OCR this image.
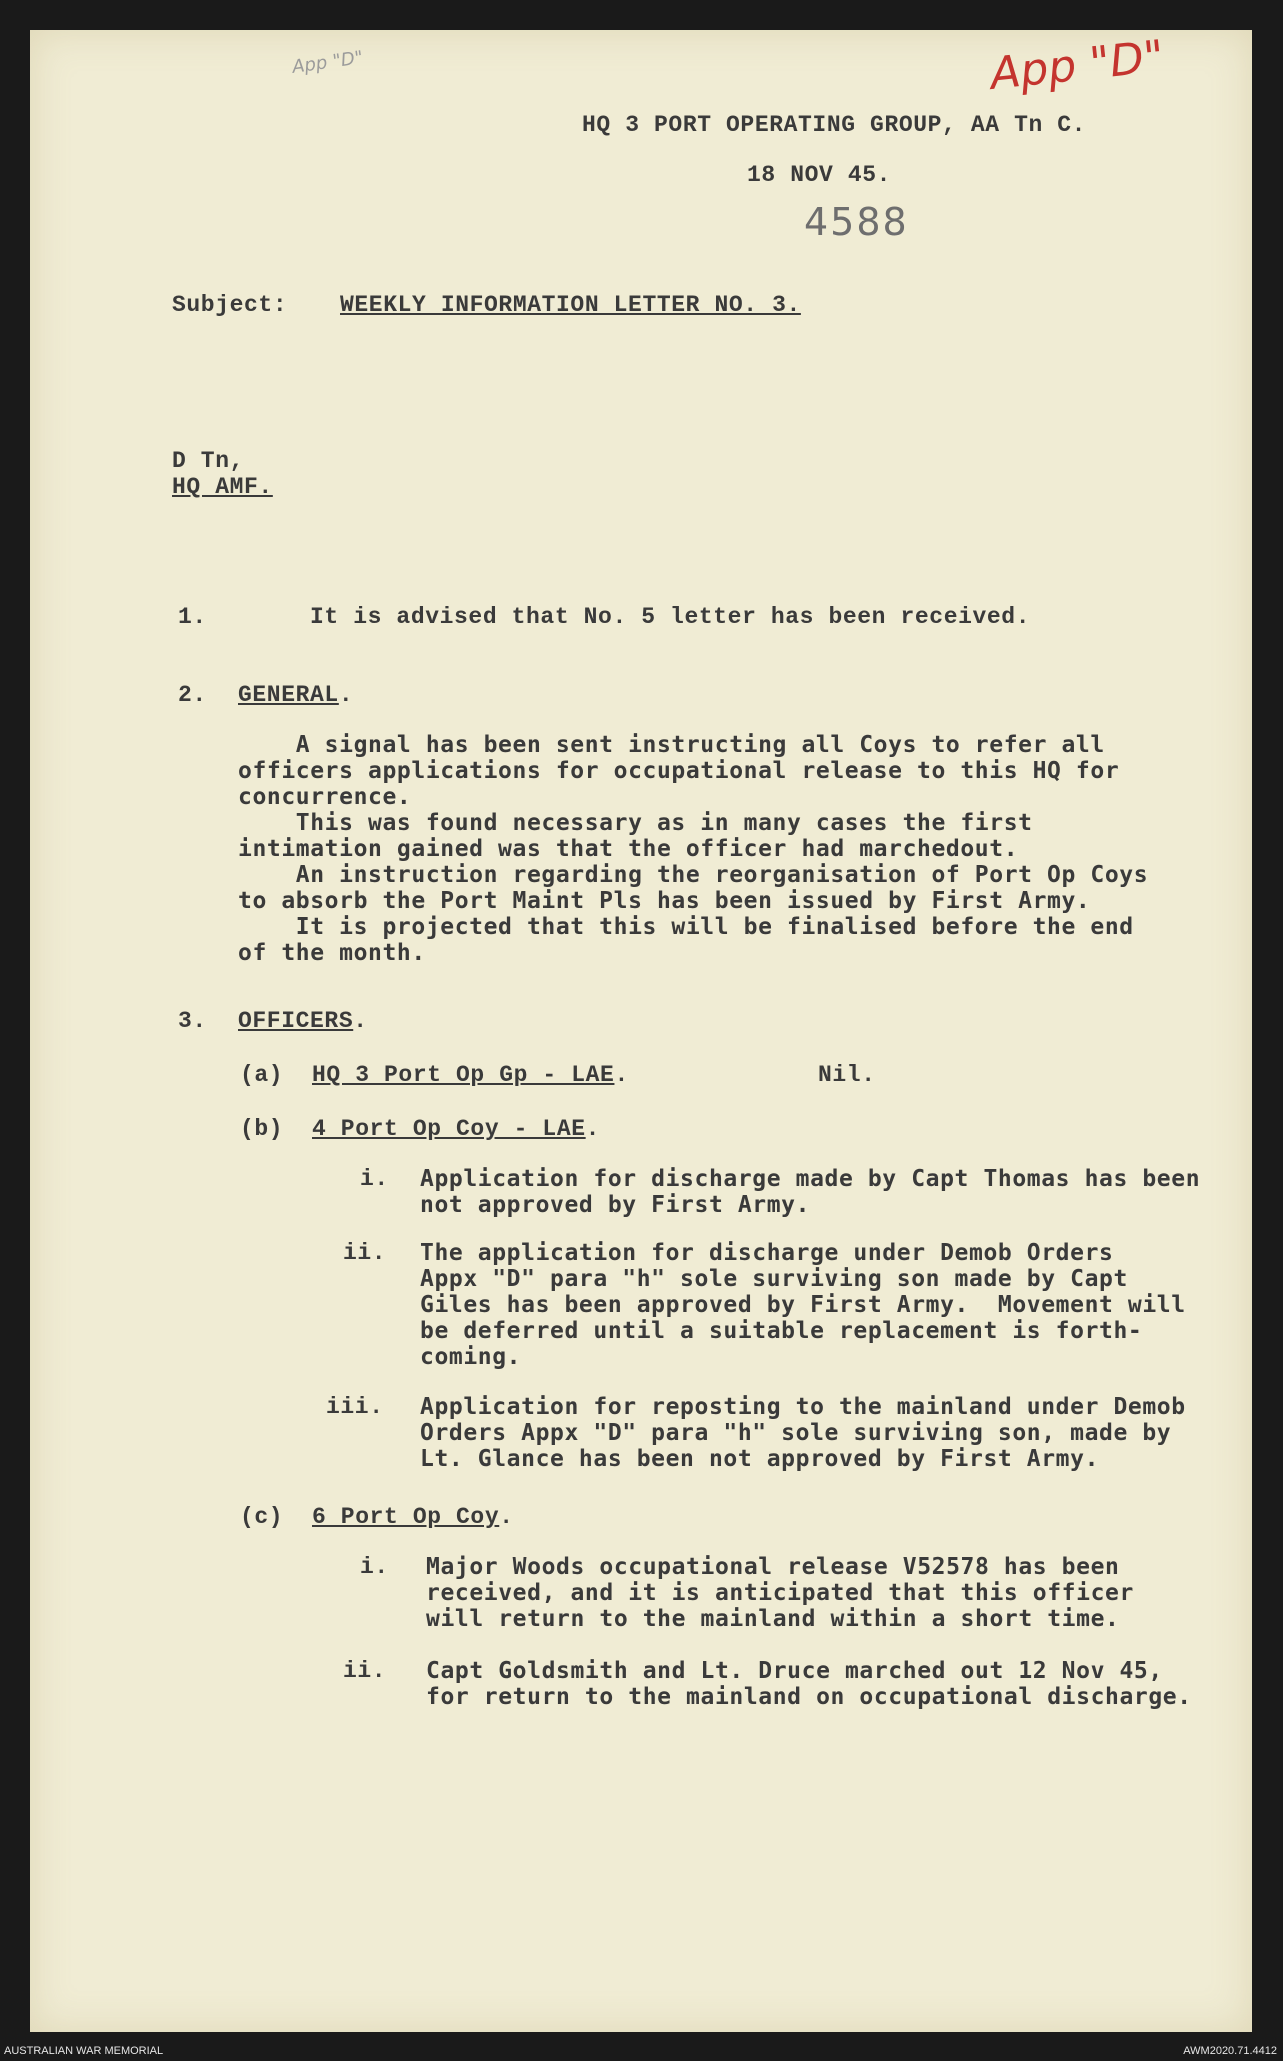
App "D"	App "D"
HQ 3 PORT OPERATING GROUP, AA Tn C.
18 NOV 45.
4588
Subject: WEEKLY INFORMATION LETTER NO. 3.
D Tn,
HQ AMF.
1.	It is advised that No. 5 letter has been received.
2. GENERAL.
A signal has been sent instructing all Coys to refer all
officers applications for occupational release to this HQ for
concurrence.
This was found necessary as in many cases the first
intimation gained was that the officer had marchedout.
An instruction regarding the reorganisation of Port Op Coys
to absorb the Port Maint Pls has been issued by First Army.
It is projected that this will be finalised before the end
of the month.
3. OFFICERS.
(a) HQ 3 Port Op Gp - LAE.	Nil.
(b) 4 Port Op Coy - LAE.
i. Application for discharge made by Capt Thomas has been
not approved by First Army.
ii. The application for discharge under Demob Orders
Appx "D" para "h" sole surviving son made by Capt
Giles has been approved by First Army.  Movement will
be deferred until a suitable replacement is forth-
coming.
iii. Application for reposting to the mainland under Demob
Orders Appx "D" para "h" sole surviving son, made by
Lt. Glance has been not approved by First Army.
(c) 6 Port Op Coy.
i. Major Woods occupational release V52578 has been
received, and it is anticipated that this officer
will return to the mainland within a short time.
ii. Capt Goldsmith and Lt. Druce marched out 12 Nov 45,
for return to the mainland on occupational discharge.
AUSTRALIAN WAR MEMORIAL	AWM2020.71.4412
